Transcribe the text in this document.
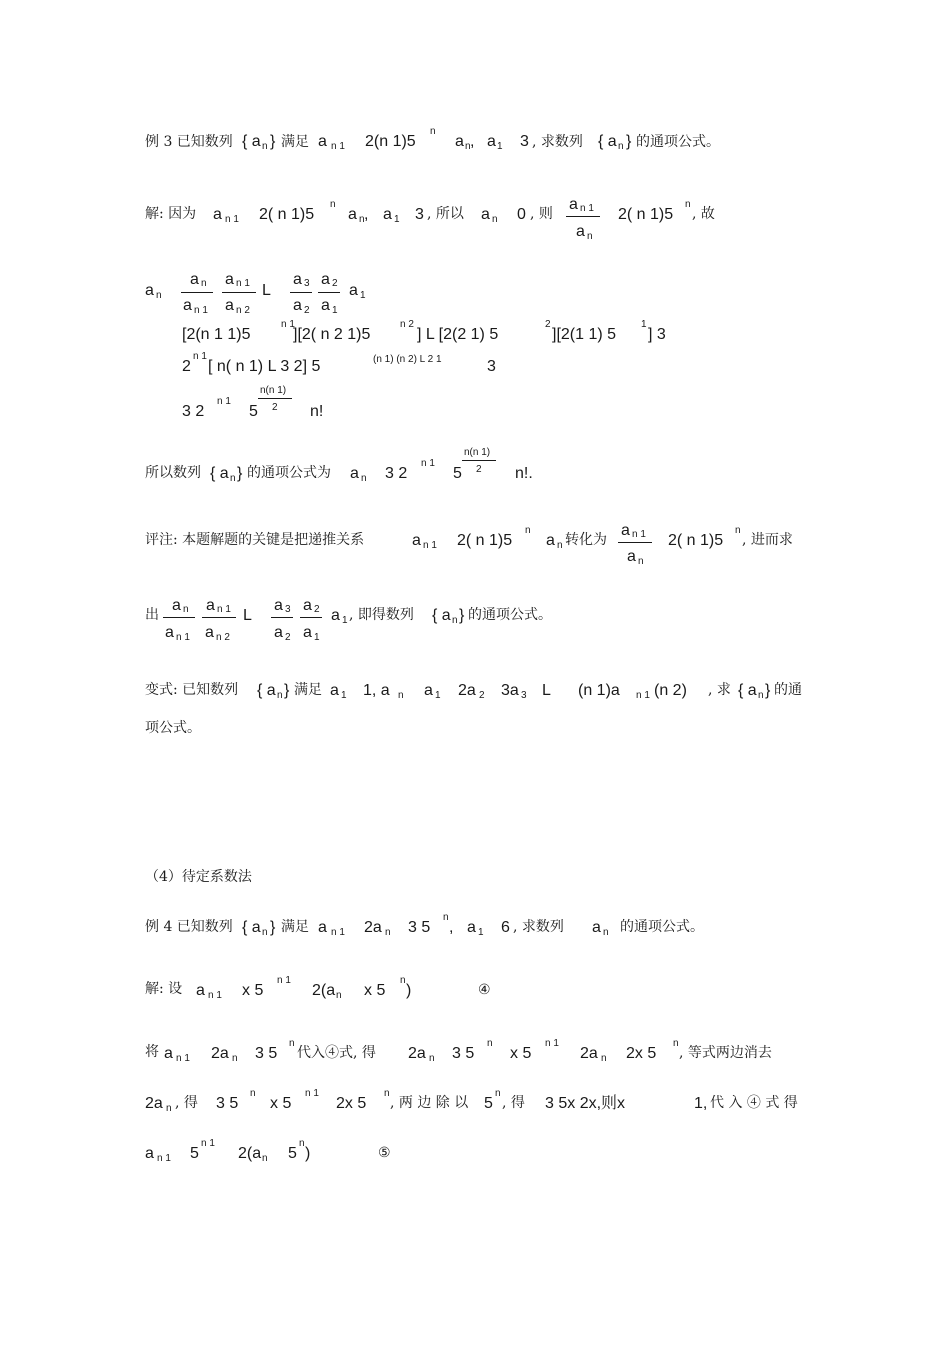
例 3 已知数列 { a n } 满足 a n 1 2(n 1)5
n
a n , a 1 3 , 求数列 { a n } 的通项公式。
解: 因为 a n 1 2( n 1)5
n
a n , a 1 3 , 所以 a n 0 , 则
a n 1
a n
2( n 1)5
n
, 故
a n
a n
a n 1
a n 1
a n 2
L
a 3
a 2
a 2
a 1
a 1
[2(n 1 1)5
n 1
][2( n 2 1)5
n 2
] L [2(2 1) 5
2
][2(1 1) 5
1
] 3
2
n 1
[ n( n 1) L 3 2] 5	(n 1) (n 2) L 2 1	3
3 2
n 1
5
n(n 1)
2 n!
所以数列 { a n } 的通项公式为 a n 3 2
n 1
5
n(n 1)
2 n!.
评注: 本题解题的关键是把递推关系	a n 1 2( n 1)5
n
a n 转化为
a n 1
a n
2( n 1)5
n
, 进而求
出
a n
a n 1
a n 1
a n 2
L
a 3
a 2
a 2
a 1
a 1 , 即得数列 { a n } 的通项公式。
变式: 已知数列 { a n } 满足 a 1 1, a n a 1 2a 2 3a 3 L (n 1)a n 1 (n 2) , 求 { a n } 的通
项公式。
（4）待定系数法
例 4 已知数列 { a n } 满足 a n 1 2a n 3 5
n
, a 1 6 , 求数列 a n 的通项公式。
解: 设 a n 1 x 5
n 1
2(a n x 5
n
)	④
将 a n 1 2a n 3 5
n
代入④式, 得 2a n 3 5
n
x 5
n 1
2a n 2x 5
n
, 等式两边消去
2a n , 得 3 5
n
x 5
n 1
2x 5
n
, 两 边 除 以 5
n
, 得 3 5x 2x,则x	1, 代 入 ④ 式 得
a n 1 5
n 1
2(a n 5
n
)	⑤
